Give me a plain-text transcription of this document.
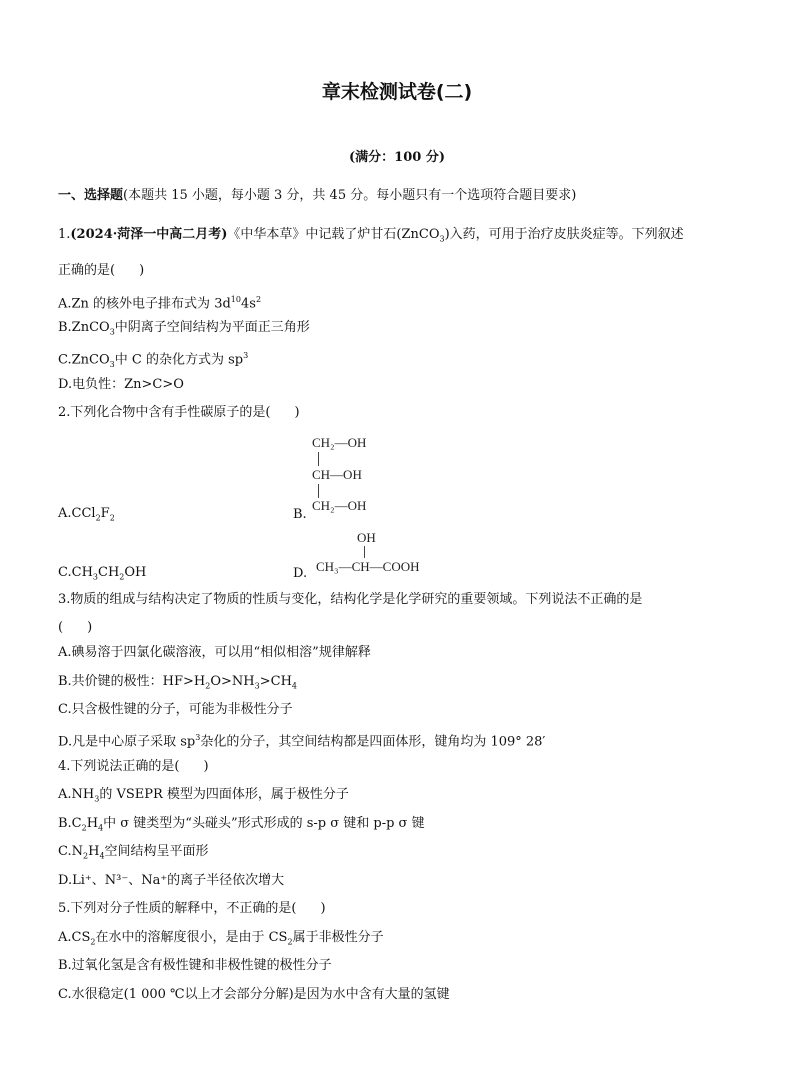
章末检测试卷(二)
(满分：100 分)
一、选择题(本题共 15 小题，每小题 3 分，共 45 分。每小题只有一个选项符合题目要求)
1.(2024·菏泽一中高二月考)《中华本草》中记载了炉甘石(ZnCO$_3$)入药，可用于治疗皮肤炎症等。下列叙述
正确的是( )
A.Zn 的核外电子排布式为 $3d^{10}4s^2$
B.ZnCO$_3$中阴离子空间结构为平面正三角形
C.ZnCO$_3$中 C 的杂化方式为 $sp^3$
D.电负性：Zn>C>O
2.下列化合物中含有手性碳原子的是( )
CH₂—OH
CH—OH
CH₂—OH
$A.CCl_2F_2$	B.
OH
CH₃—CH—COOH
$C.CH_3CH_2OH$	D.
3.物质的组成与结构决定了物质的性质与变化，结构化学是化学研究的重要领域。下列说法不正确的是
( )
A.碘易溶于四氯化碳溶液，可以用“相似相溶”规律解释
B.共价键的极性：$HF>H_2O>NH_3>CH_4$
C.只含极性键的分子，可能为非极性分子
D.凡是中心原子采取 $sp^3$杂化的分子，其空间结构都是四面体形，键角均为 109° 28′
4.下列说法正确的是( )
$A.NH_3$的 VSEPR 模型为四面体形，属于极性分子
$B.C_2H_4$中 σ 键类型为“头碰头”形式形成的 s-p σ 键和 p-p σ 键
$C.N_2H_4$空间结构呈平面形
D.Li⁺、N³⁻、Na⁺的离子半径依次增大
5.下列对分子性质的解释中，不正确的是( )
$A.CS_2$在水中的溶解度很小，是由于 $CS_2$属于非极性分子
B.过氧化氢是含有极性键和非极性键的极性分子
C.水很稳定(1 000 ℃以上才会部分分解)是因为水中含有大量的氢键
